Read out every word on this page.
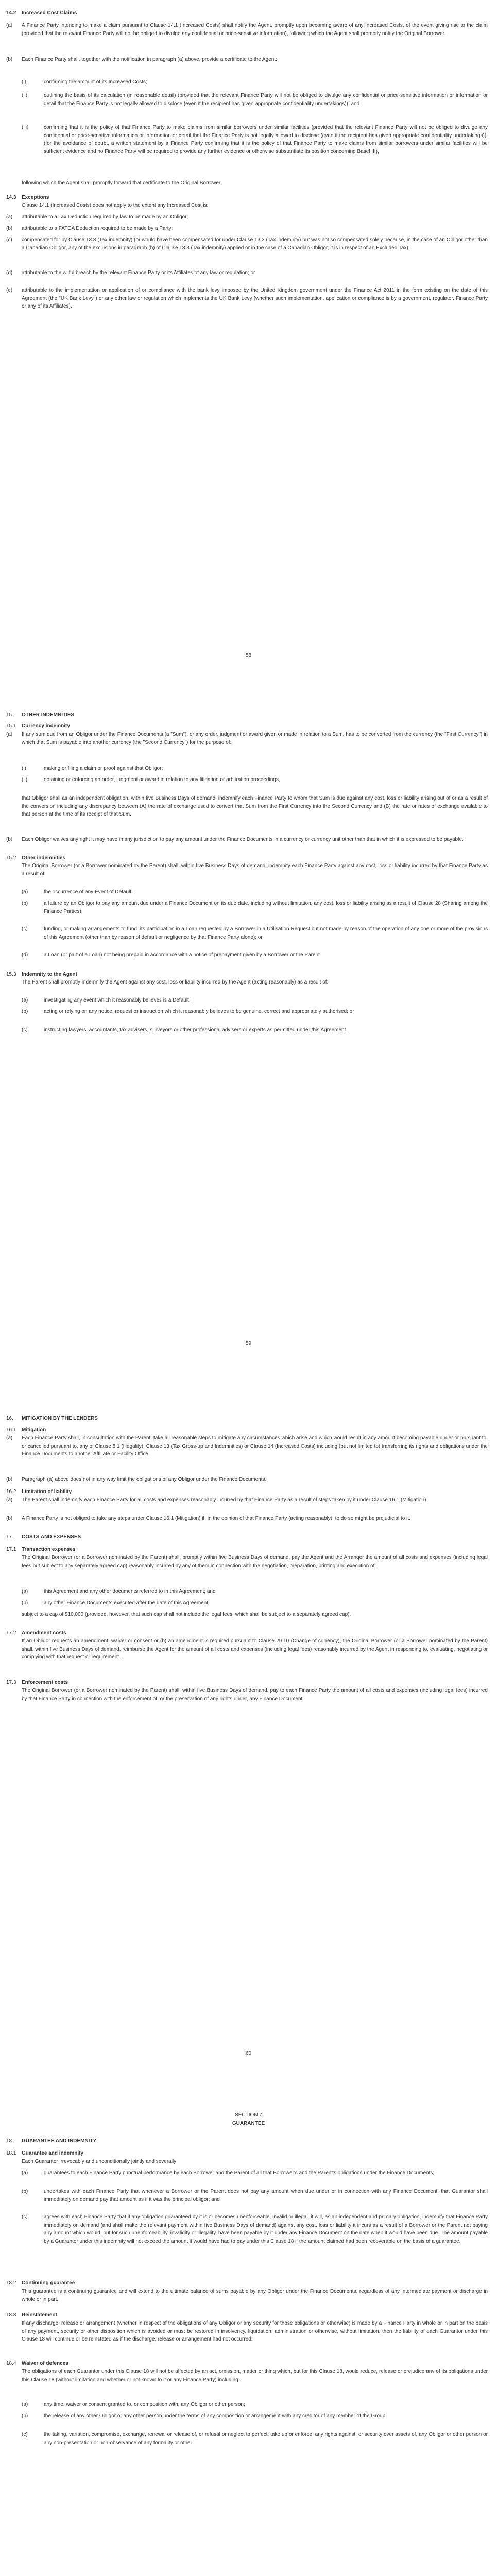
14.2 Increased Cost Claims
(a) A Finance Party intending to make a claim pursuant to Clause 14.1 (Increased Costs) shall notify the Agent, promptly upon becoming aware of any Increased Costs, of the event giving rise to the claim (provided that the relevant Finance Party will not be obliged to divulge any confidential or price-sensitive information), following which the Agent shall promptly notify the Original Borrower.
(b) Each Finance Party shall, together with the notification in paragraph (a) above, provide a certificate to the Agent:
(i)	confirming the amount of its Increased Costs;
(ii)	outlining the basis of its calculation (in reasonable detail) (provided that the relevant Finance Party will not be obliged to divulge any confidential or price-sensitive information or information or detail that the Finance Party is not legally allowed to disclose (even if the recipient has given appropriate confidentiality undertakings)); and
(iii)	confirming that it is the policy of that Finance Party to make claims from similar borrowers under similar facilities (provided that the relevant Finance Party will not be obliged to divulge any confidential or price-sensitive information or information or detail that the Finance Party is not legally allowed to disclose (even if the recipient has given appropriate confidentiality undertakings)); (for the avoidance of doubt, a written statement by a Finance Party confirming that it is the policy of that Finance Party to make claims from similar borrowers under similar facilities will be sufficient evidence and no Finance Party will be required to provide any further evidence or otherwise substantiate its position concerning Basel III),
following which the Agent shall promptly forward that certificate to the Original Borrower.
14.3 Exceptions
Clause 14.1 (Increased Costs) does not apply to the extent any Increased Cost is:
(a) attributable to a Tax Deduction required by law to be made by an Obligor;
(b) attributable to a FATCA Deduction required to be made by a Party;
(c) compensated for by Clause 13.3 (Tax indemnity) (or would have been compensated for under Clause 13.3 (Tax indemnity) but was not so compensated solely because, in the case of an Obligor other than a Canadian Obligor, any of the exclusions in paragraph (b) of Clause 13.3 (Tax indemnity) applied or in the case of a Canadian Obligor, it is in respect of an Excluded Tax);
(d) attributable to the wilful breach by the relevant Finance Party or its Affiliates of any law or regulation; or
(e) attributable to the implementation or application of or compliance with the bank levy imposed by the United Kingdom government under the Finance Act 2011 in the form existing on the date of this Agreement (the "UK Bank Levy") or any other law or regulation which implements the UK Bank Levy (whether such implementation, application or compliance is by a government, regulator, Finance Party or any of its Affiliates).
58
15. OTHER INDEMNITIES
15.1 Currency indemnity
(a) If any sum due from an Obligor under the Finance Documents (a "Sum"), or any order, judgment or award given or made in relation to a Sum, has to be converted from the currency (the "First Currency") in which that Sum is payable into another currency (the "Second Currency") for the purpose of:
(i)	making or filing a claim or proof against that Obligor;
(ii)	obtaining or enforcing an order, judgment or award in relation to any litigation or arbitration proceedings,
that Obligor shall as an independent obligation, within five Business Days of demand, indemnify each Finance Party to whom that Sum is due against any cost, loss or liability arising out of or as a result of the conversion including any discrepancy between (A) the rate of exchange used to convert that Sum from the First Currency into the Second Currency and (B) the rate or rates of exchange available to that person at the time of its receipt of that Sum.
(b) Each Obligor waives any right it may have in any jurisdiction to pay any amount under the Finance Documents in a currency or currency unit other than that in which it is expressed to be payable.
15.2 Other indemnities
The Original Borrower (or a Borrower nominated by the Parent) shall, within five Business Days of demand, indemnify each Finance Party against any cost, loss or liability incurred by that Finance Party as a result of:
(a)	the occurrence of any Event of Default;
(b)	a failure by an Obligor to pay any amount due under a Finance Document on its due date, including without limitation, any cost, loss or liability arising as a result of Clause 28 (Sharing among the Finance Parties);
(c)	funding, or making arrangements to fund, its participation in a Loan requested by a Borrower in a Utilisation Request but not made by reason of the operation of any one or more of the provisions of this Agreement (other than by reason of default or negligence by that Finance Party alone); or
(d)	a Loan (or part of a Loan) not being prepaid in accordance with a notice of prepayment given by a Borrower or the Parent.
15.3 Indemnity to the Agent
The Parent shall promptly indemnify the Agent against any cost, loss or liability incurred by the Agent (acting reasonably) as a result of:
(a)	investigating any event which it reasonably believes is a Default;
(b)	acting or relying on any notice, request or instruction which it reasonably believes to be genuine, correct and appropriately authorised; or
(c)	instructing lawyers, accountants, tax advisers, surveyors or other professional advisers or experts as permitted under this Agreement.
59
16. MITIGATION BY THE LENDERS
16.1 Mitigation
(a) Each Finance Party shall, in consultation with the Parent, take all reasonable steps to mitigate any circumstances which arise and which would result in any amount becoming payable under or pursuant to, or cancelled pursuant to, any of Clause 8.1 (Illegality), Clause 13 (Tax Gross-up and Indemnities) or Clause 14 (Increased Costs) including (but not limited to) transferring its rights and obligations under the Finance Documents to another Affiliate or Facility Office.
(b) Paragraph (a) above does not in any way limit the obligations of any Obligor under the Finance Documents.
16.2 Limitation of liability
(a) The Parent shall indemnify each Finance Party for all costs and expenses reasonably incurred by that Finance Party as a result of steps taken by it under Clause 16.1 (Mitigation).
(b) A Finance Party is not obliged to take any steps under Clause 16.1 (Mitigation) if, in the opinion of that Finance Party (acting reasonably), to do so might be prejudicial to it.
17. COSTS AND EXPENSES
17.1 Transaction expenses
The Original Borrower (or a Borrower nominated by the Parent) shall, promptly within five Business Days of demand, pay the Agent and the Arranger the amount of all costs and expenses (including legal fees but subject to any separately agreed cap) reasonably incurred by any of them in connection with the negotiation, preparation, printing and execution of:
(a)	this Agreement and any other documents referred to in this Agreement; and
(b)	any other Finance Documents executed after the date of this Agreement,
subject to a cap of $10,000 (provided, however, that such cap shall not include the legal fees, which shall be subject to a separately agreed cap).
17.2 Amendment costs
If an Obligor requests an amendment, waiver or consent or (b) an amendment is required pursuant to Clause 29.10 (Change of currency), the Original Borrower (or a Borrower nominated by the Parent) shall, within five Business Days of demand, reimburse the Agent for the amount of all costs and expenses (including legal fees) reasonably incurred by the Agent in responding to, evaluating, negotiating or complying with that request or requirement.
17.3 Enforcement costs
The Original Borrower (or a Borrower nominated by the Parent) shall, within five Business Days of demand, pay to each Finance Party the amount of all costs and expenses (including legal fees) incurred by that Finance Party in connection with the enforcement of, or the preservation of any rights under, any Finance Document.
60
SECTION 7
GUARANTEE
18. GUARANTEE AND INDEMNITY
18.1 Guarantee and indemnity
Each Guarantor irrevocably and unconditionally jointly and severally:
(a)	guarantees to each Finance Party punctual performance by each Borrower and the Parent of all that Borrower's and the Parent's obligations under the Finance Documents;
(b)	undertakes with each Finance Party that whenever a Borrower or the Parent does not pay any amount when due under or in connection with any Finance Document, that Guarantor shall immediately on demand pay that amount as if it was the principal obligor; and
(c)	agrees with each Finance Party that if any obligation guaranteed by it is or becomes unenforceable, invalid or illegal, it will, as an independent and primary obligation, indemnify that Finance Party immediately on demand (and shall make the relevant payment within five Business Days of demand) against any cost, loss or liability it incurs as a result of a Borrower or the Parent not paying any amount which would, but for such unenforceability, invalidity or illegality, have been payable by it under any Finance Document on the date when it would have been due. The amount payable by a Guarantor under this indemnity will not exceed the amount it would have had to pay under this Clause 18 if the amount claimed had been recoverable on the basis of a guarantee.
18.2 Continuing guarantee
This guarantee is a continuing guarantee and will extend to the ultimate balance of sums payable by any Obligor under the Finance Documents, regardless of any intermediate payment or discharge in whole or in part.
18.3 Reinstatement
If any discharge, release or arrangement (whether in respect of the obligations of any Obligor or any security for those obligations or otherwise) is made by a Finance Party in whole or in part on the basis of any payment, security or other disposition which is avoided or must be restored in insolvency, liquidation, administration or otherwise, without limitation, then the liability of each Guarantor under this Clause 18 will continue or be reinstated as if the discharge, release or arrangement had not occurred.
18.4 Waiver of defences
The obligations of each Guarantor under this Clause 18 will not be affected by an act, omission, matter or thing which, but for this Clause 18, would reduce, release or prejudice any of its obligations under this Clause 18 (without limitation and whether or not known to it or any Finance Party) including:
(a)	any time, waiver or consent granted to, or composition with, any Obligor or other person;
(b)	the release of any other Obligor or any other person under the terms of any composition or arrangement with any creditor of any member of the Group;
(c)	the taking, variation, compromise, exchange, renewal or release of, or refusal or neglect to perfect, take up or enforce, any rights against, or security over assets of, any Obligor or other person or any non-presentation or non-observance of any formality or other
